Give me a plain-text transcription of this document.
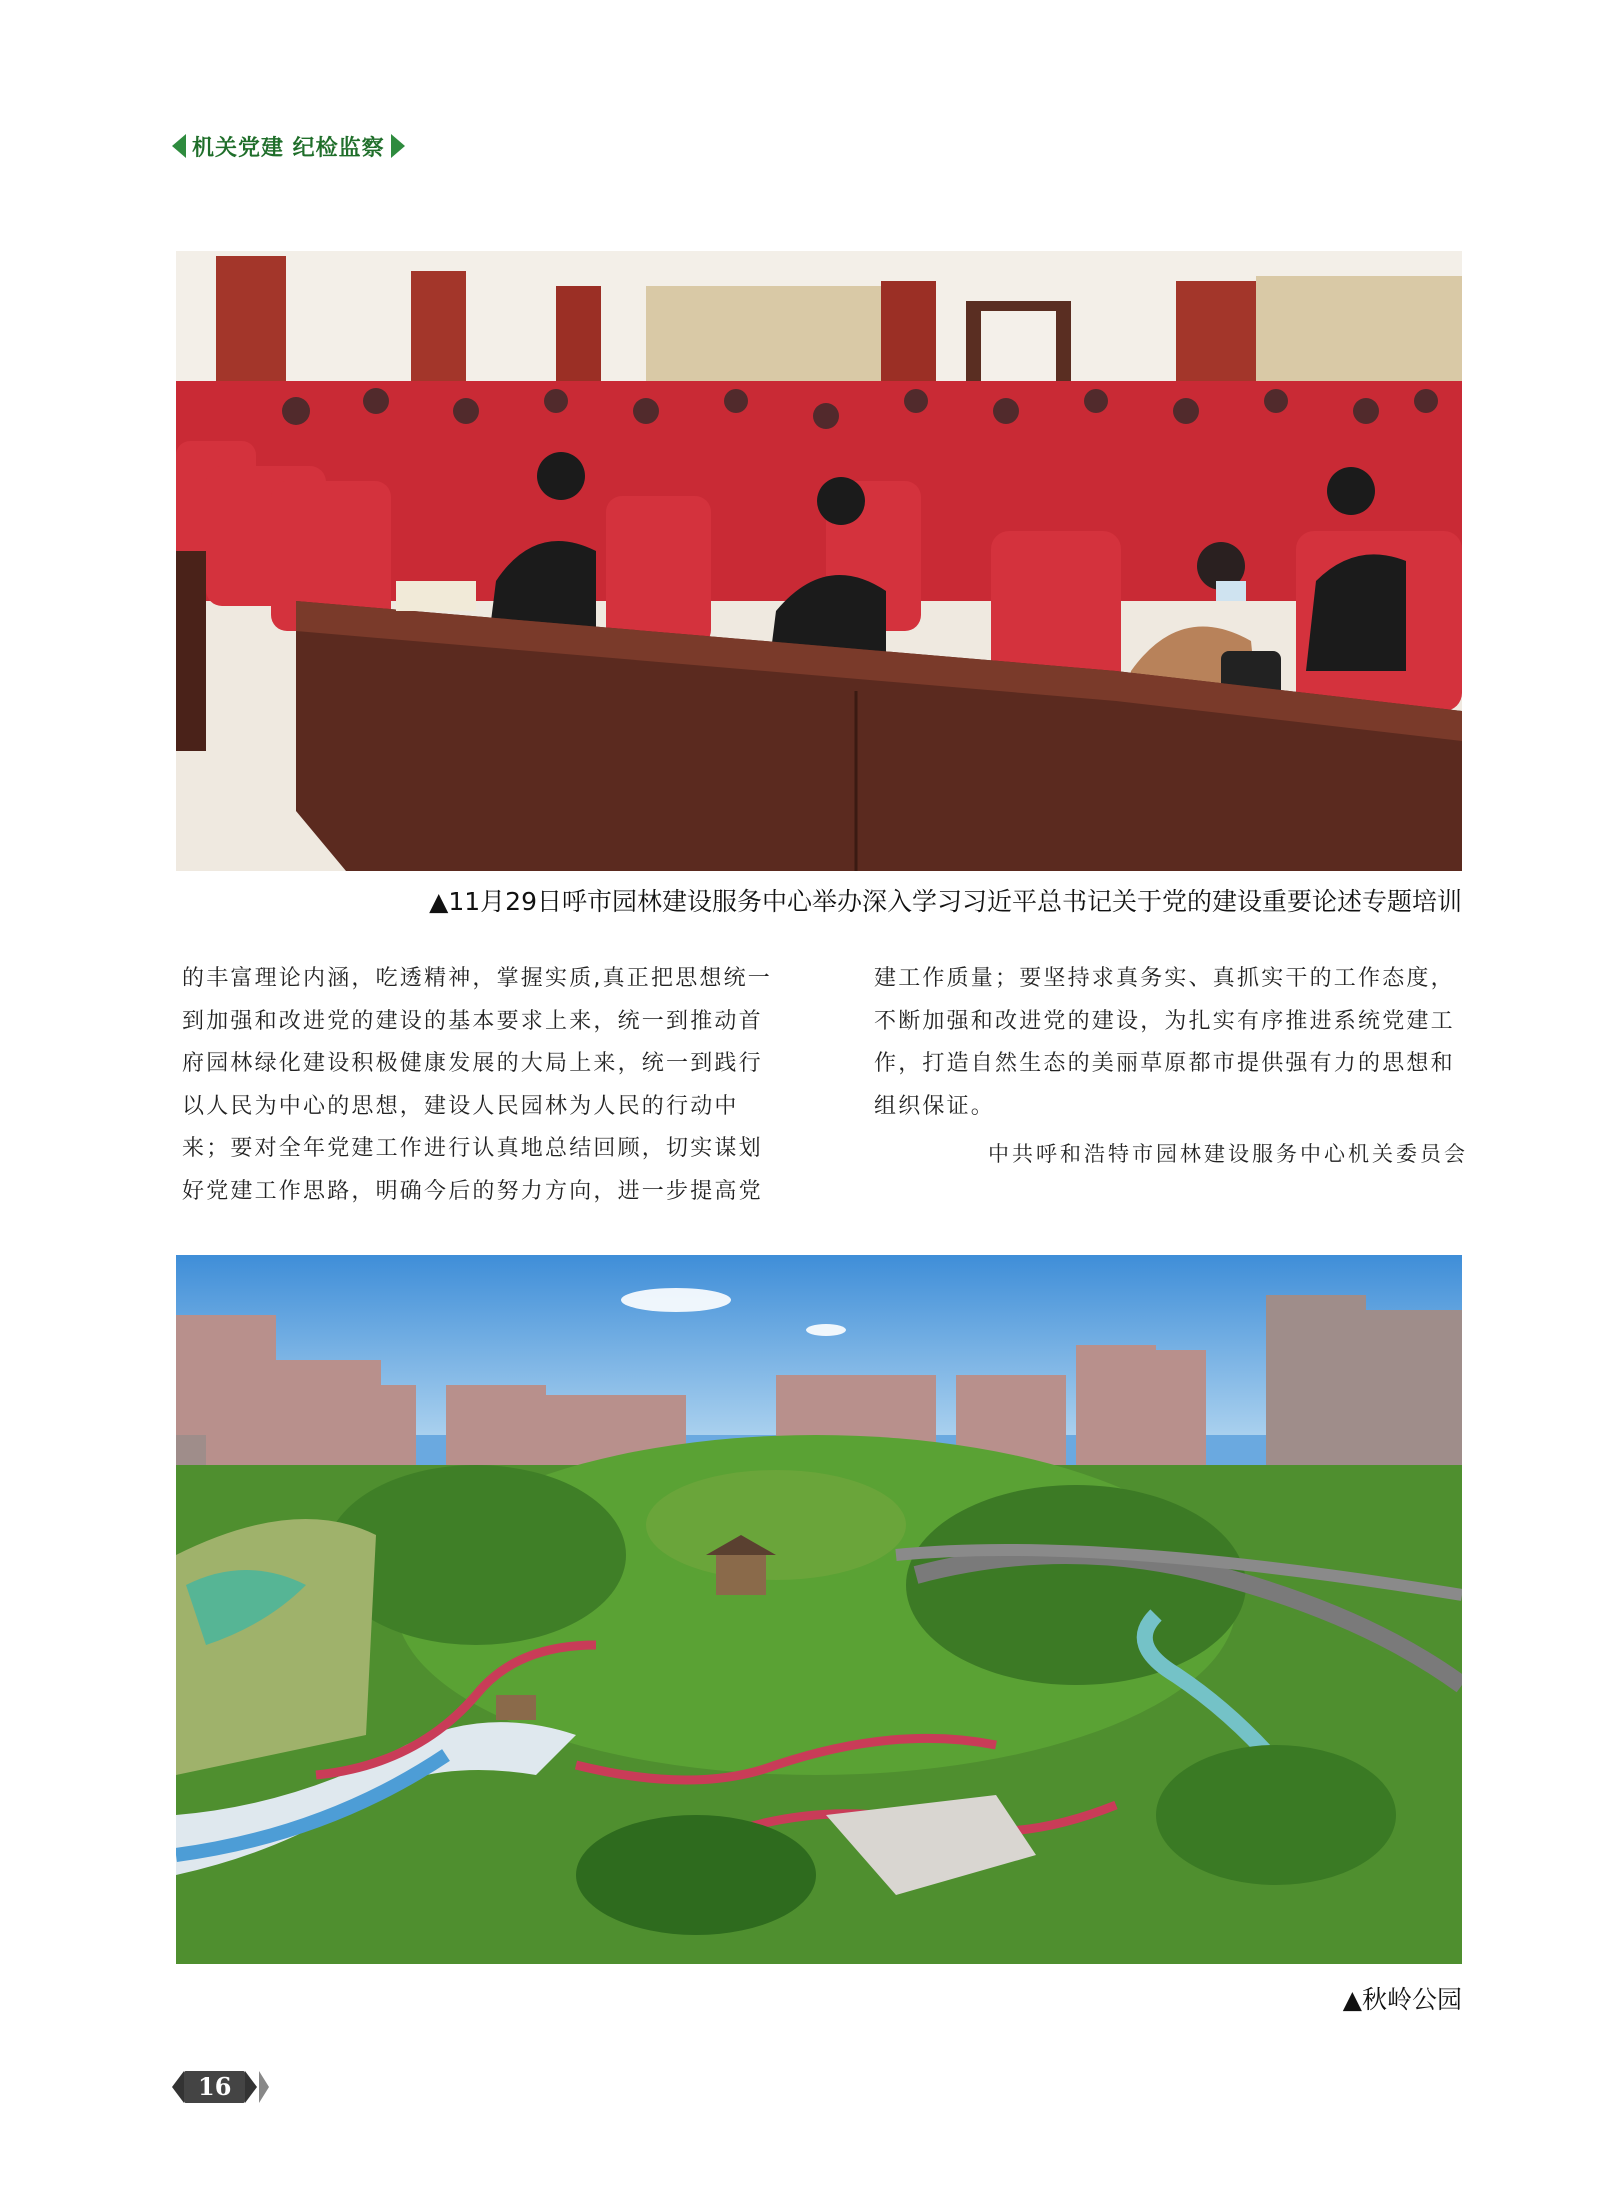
机关党建 纪检监察
▲11月29日呼市园林建设服务中心举办深入学习习近平总书记关于党的建设重要论述专题培训

的丰富理论内涵，吃透精神，掌握实质,真正把思想统一

到加强和改进党的建设的基本要求上来，统一到推动首

府园林绿化建设积极健康发展的大局上来，统一到践行

以人民为中心的思想，建设人民园林为人民的行动中

来；要对全年党建工作进行认真地总结回顾，切实谋划

好党建工作思路，明确今后的努力方向，进一步提高党

建工作质量；要坚持求真务实、真抓实干的工作态度，

不断加强和改进党的建设，为扎实有序推进系统党建工

作，打造自然生态的美丽草原都市提供强有力的思想和

组织保证。

中共呼和浩特市园林建设服务中心机关委员会
▲秋岭公园
16
